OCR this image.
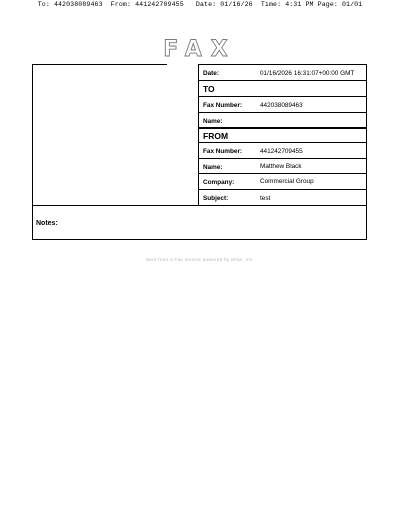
To: 442038089463  From: 441242709455   Date: 01/16/26  Time: 4:31 PM Page: 01/01
FAX
Date:	01/16/2026 16:31:07+00:00 GMT
TO
Fax Number:	442038089463
Name:
FROM
Fax Number:	441242709455
Name:	Matthew Black
Company:	Commercial Group
Subject:	test
Notes:
Sent from a Fax service powered by eFax, Inc.
